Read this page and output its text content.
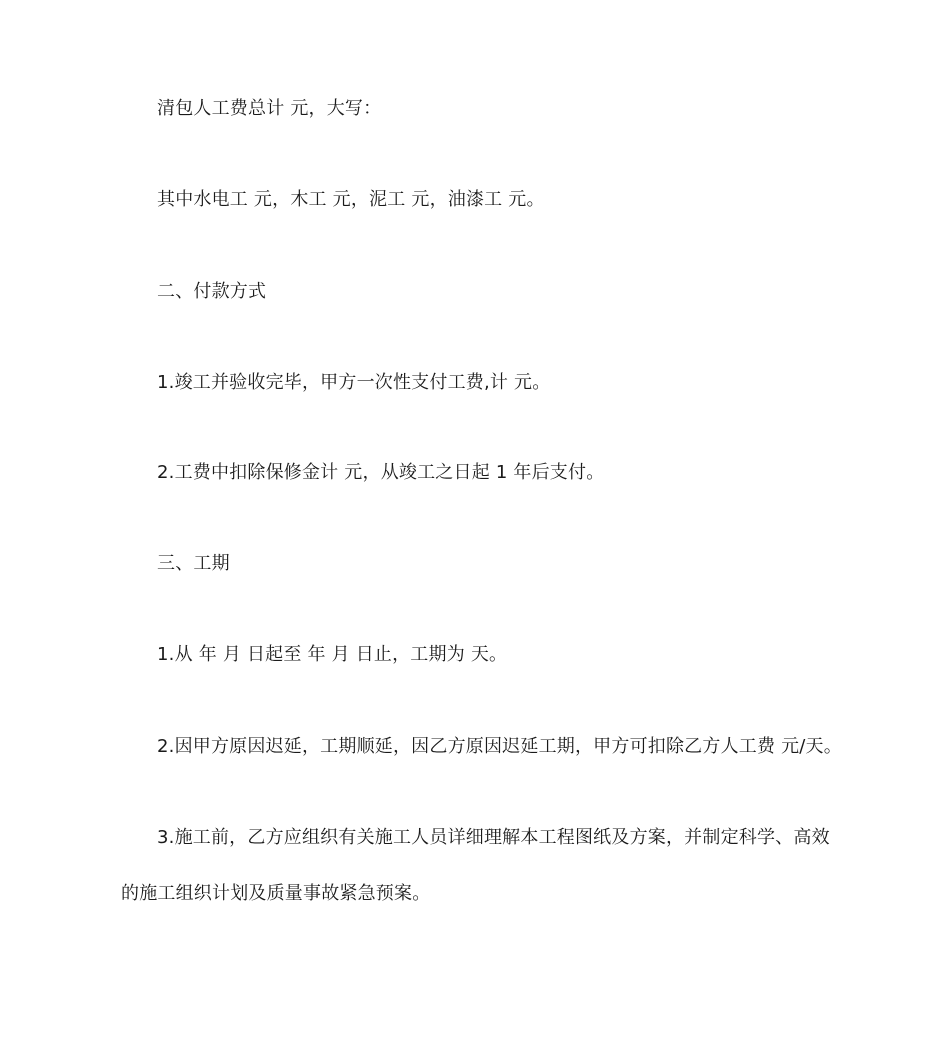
清包人工费总计 元，大写：
其中水电工 元，木工 元，泥工 元，油漆工 元。
二、付款方式
1.竣工并验收完毕，甲方一次性支付工费,计 元。
2.工费中扣除保修金计 元，从竣工之日起 1 年后支付。
三、工期
1.从 年 月 日起至 年 月 日止，工期为 天。
2.因甲方原因迟延，工期顺延，因乙方原因迟延工期，甲方可扣除乙方人工费 元/天。
3.施工前，乙方应组织有关施工人员详细理解本工程图纸及方案，并制定科学、高效
的施工组织计划及质量事故紧急预案。
